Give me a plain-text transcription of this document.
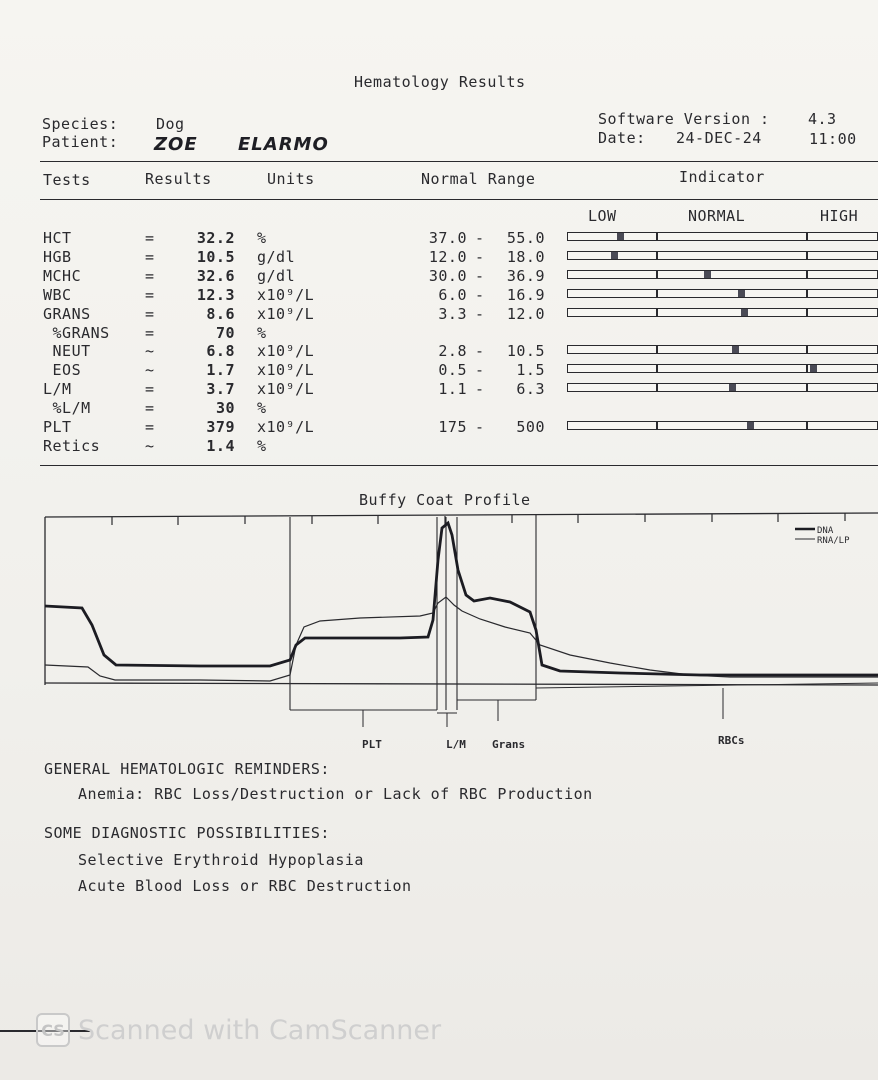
Hematology Results
Species:	Dog
Patient: ZOE ELARMO
Software Version :	4.3
Date: 24-DEC-24	11:00
Tests	Results	Units	Normal Range	Indicator
LOW	NORMAL	HIGH
HCT	=	32.2 %	37.0 -	55.0
HGB	=	10.5 g/dl	12.0 -	18.0
MCHC	=	32.6 g/dl	30.0 -	36.9
WBC	=	12.3 x10⁹/L	6.0 -	16.9
GRANS	=	8.6 x10⁹/L	3.3 -	12.0
%GRANS =	70 %
NEUT	~	6.8 x10⁹/L	2.8 -	10.5
EOS	~	1.7 x10⁹/L	0.5 -	1.5
L/M	=	3.7 x10⁹/L	1.1 -	6.3
%L/M	=	30 %
PLT	=	379 x10⁹/L	175 -	500
Retics	~	1.4 %
Buffy Coat Profile
DNA
RNA/LP
PLT	L/M Grans	RBCs
GENERAL HEMATOLOGIC REMINDERS:
Anemia: RBC Loss/Destruction or Lack of RBC Production
SOME DIAGNOSTIC POSSIBILITIES:
Selective Erythroid Hypoplasia
Acute Blood Loss or RBC Destruction
CS Scanned with CamScanner
